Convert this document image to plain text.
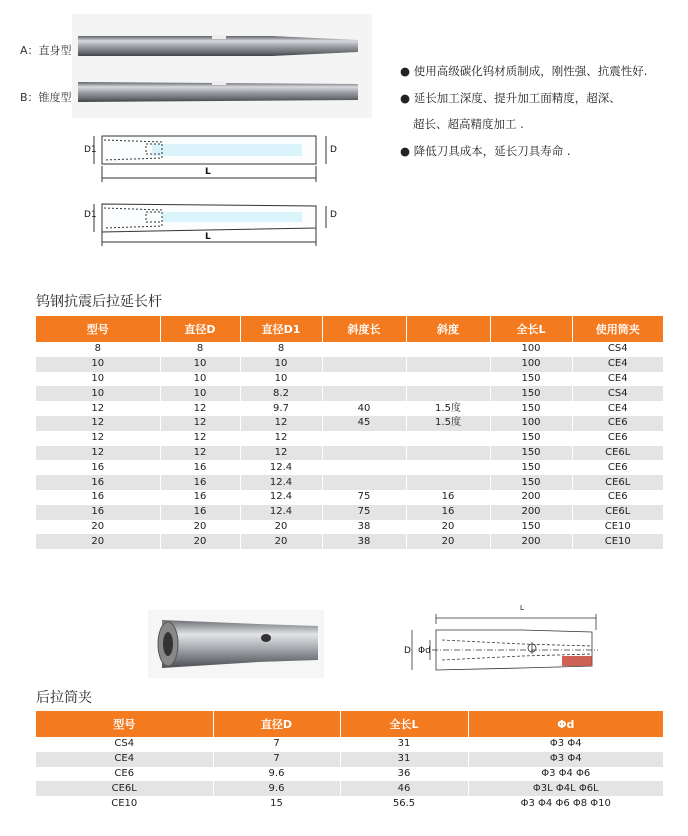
A：直身型
B：锥度型
D1	D
L
D1	D
L
● 使用高级碳化钨材质制成，刚性强、抗震性好.
● 延长加工深度、提升加工面精度，超深、
超长、超高精度加工 .
● 降低刀具成本，延长刀具寿命 .
钨钢抗震后拉延长杆
型号	直径D	直径D1	斜度长	斜度	全长L	使用筒夹
8	8	8			100	CS4
10	10	10			100	CE4
10	10	10			150	CE4
10	10	8.2			150	CS4
12	12	9.7	40	1.5度	150	CE4
12	12	12	45	1.5度	100	CE6
12	12	12			150	CE6
12	12	12			150	CE6L
16	16	12.4			150	CE6
16	16	12.4			150	CE6L
16	16	12.4	75	16	200	CE6
16	16	12.4	75	16	200	CE6L
20	20	20	38	20	150	CE10
20	20	20	38	20	200	CE10
L
D Φd
后拉筒夹
型号	直径D	全长L	Φd
CS4	7	31	Φ3 Φ4
CE4	7	31	Φ3 Φ4
CE6	9.6	36	Φ3 Φ4 Φ6
CE6L	9.6	46	Φ3L Φ4L Φ6L
CE10	15	56.5	Φ3 Φ4 Φ6 Φ8 Φ10
